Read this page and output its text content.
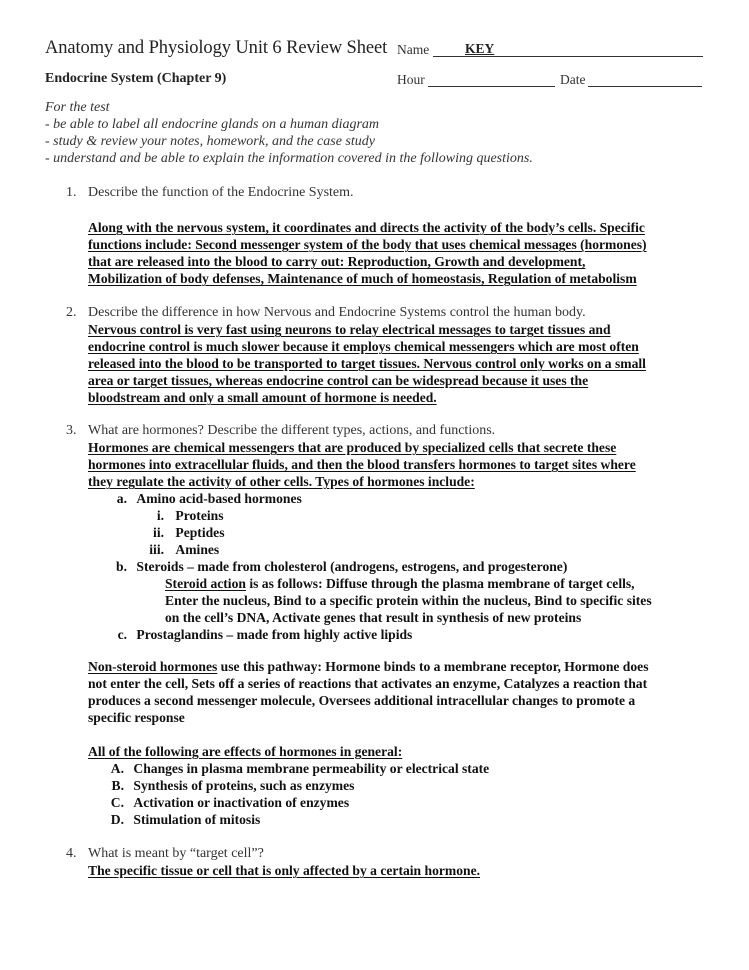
Anatomy and Physiology Unit 6 Review Sheet
Endocrine System (Chapter 9)
Name	KEY
Hour	Date
For the test
- be able to label all endocrine glands on a human diagram
- study & review your notes, homework, and the case study
- understand and be able to explain the information covered in the following questions.
1. Describe the function of the Endocrine System.
Along with the nervous system, it coordinates and directs the activity of the body’s cells. Specific
functions include: Second messenger system of the body that uses chemical messages (hormones)
that are released into the blood to carry out: Reproduction, Growth and development,
Mobilization of body defenses, Maintenance of much of homeostasis, Regulation of metabolism
2. Describe the difference in how Nervous and Endocrine Systems control the human body.
Nervous control is very fast using neurons to relay electrical messages to target tissues and
endocrine control is much slower because it employs chemical messengers which are most often
released into the blood to be transported to target tissues. Nervous control only works on a small
area or target tissues, whereas endocrine control can be widespread because it uses the
bloodstream and only a small amount of hormone is needed.
3. What are hormones? Describe the different types, actions, and functions.
Hormones are chemical messengers that are produced by specialized cells that secrete these
hormones into extracellular fluids, and then the blood transfers hormones to target sites where
they regulate the activity of other cells. Types of hormones include:
a. Amino acid-based hormones
i. Proteins
ii. Peptides
iii. Amines
b. Steroids – made from cholesterol (androgens, estrogens, and progesterone)
Steroid action is as follows: Diffuse through the plasma membrane of target cells,
Enter the nucleus, Bind to a specific protein within the nucleus, Bind to specific sites
on the cell’s DNA, Activate genes that result in synthesis of new proteins
c. Prostaglandins – made from highly active lipids
Non-steroid hormones use this pathway: Hormone binds to a membrane receptor, Hormone does
not enter the cell, Sets off a series of reactions that activates an enzyme, Catalyzes a reaction that
produces a second messenger molecule, Oversees additional intracellular changes to promote a
specific response
All of the following are effects of hormones in general:
A. Changes in plasma membrane permeability or electrical state
B. Synthesis of proteins, such as enzymes
C. Activation or inactivation of enzymes
D. Stimulation of mitosis
4. What is meant by “target cell”?
The specific tissue or cell that is only affected by a certain hormone.
